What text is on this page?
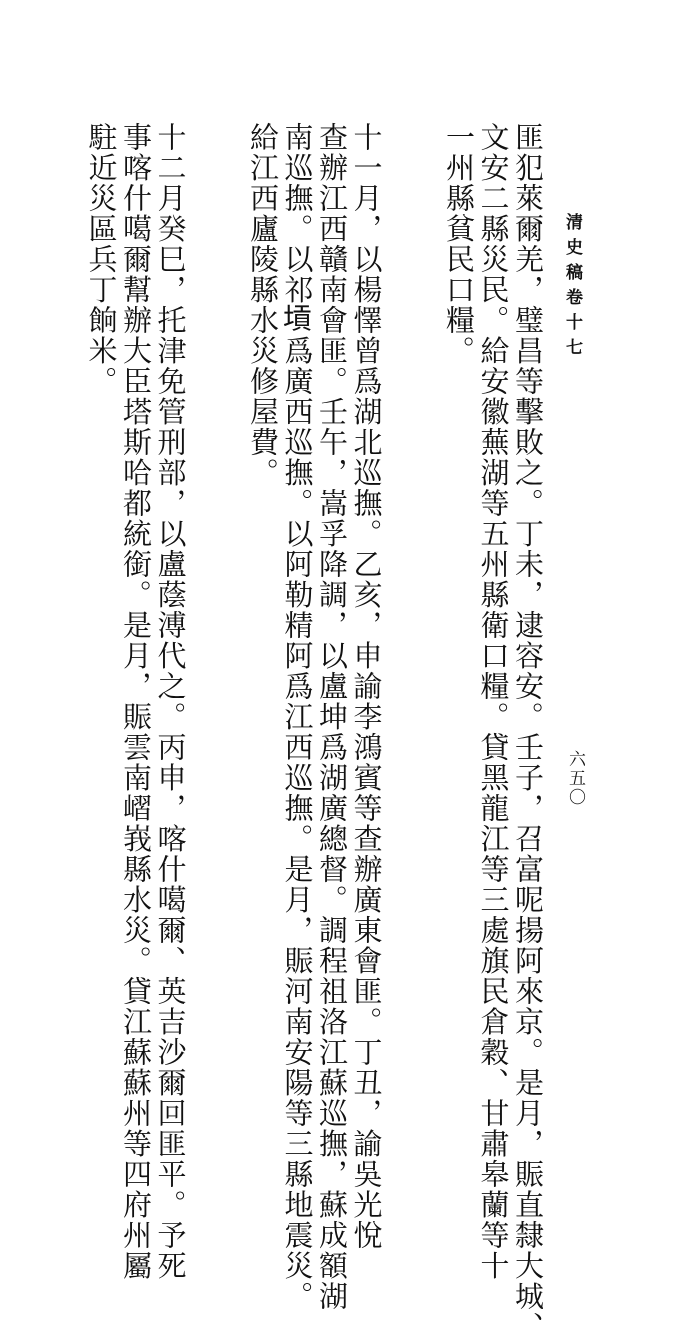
清史稿卷十七
六五〇
匪犯萊爾羌，璧昌等擊敗之。丁未，逮容安。壬子，召富呢揚阿來京。是月，賑直隸大城、
文安二縣災民。給安徽蕪湖等五州縣衛口糧。貸黑龍江等三處旗民倉穀、甘肅皋蘭等十
一州縣貧民口糧。
十一月，以楊懌曾爲湖北巡撫。乙亥，申諭李鴻賓等查辦廣東會匪。丁丑，諭吳光悅
查辦江西贛南會匪。壬午，嵩孚降調，以盧坤爲湖廣總督。調程祖洛江蘇巡撫，蘇成額湖
南巡撫。以祁𡎴爲廣西巡撫。以阿勒精阿爲江西巡撫。是月，賑河南安陽等三縣地震災。
給江西廬陵縣水災修屋費。
十二月癸巳，托津免管刑部，以盧蔭溥代之。丙申，喀什噶爾、英吉沙爾回匪平。予死
事喀什噶爾幫辦大臣塔斯哈都統銜。是月，賑雲南嶍峩縣水災。貸江蘇蘇州等四府州屬
駐近災區兵丁餉米。
